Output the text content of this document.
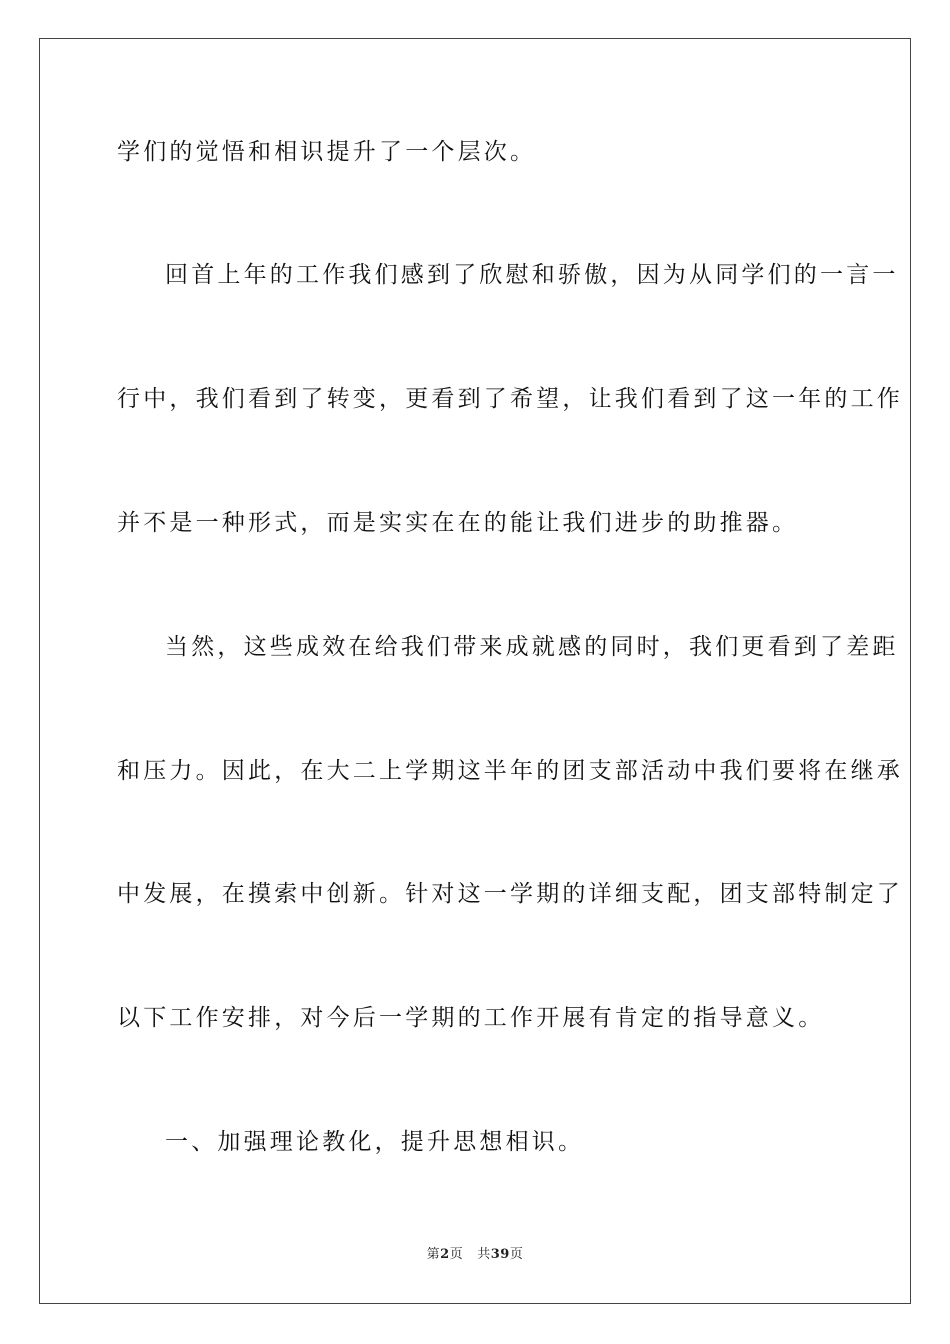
学们的觉悟和相识提升了一个层次。
回首上年的工作我们感到了欣慰和骄傲，因为从同学们的一言一
行中，我们看到了转变，更看到了希望，让我们看到了这一年的工作
并不是一种形式，而是实实在在的能让我们进步的助推器。
当然，这些成效在给我们带来成就感的同时，我们更看到了差距
和压力。因此，在大二上学期这半年的团支部活动中我们要将在继承
中发展，在摸索中创新。针对这一学期的详细支配，团支部特制定了
以下工作安排，对今后一学期的工作开展有肯定的指导意义。
一、加强理论教化，提升思想相识。
第2页 共39页
